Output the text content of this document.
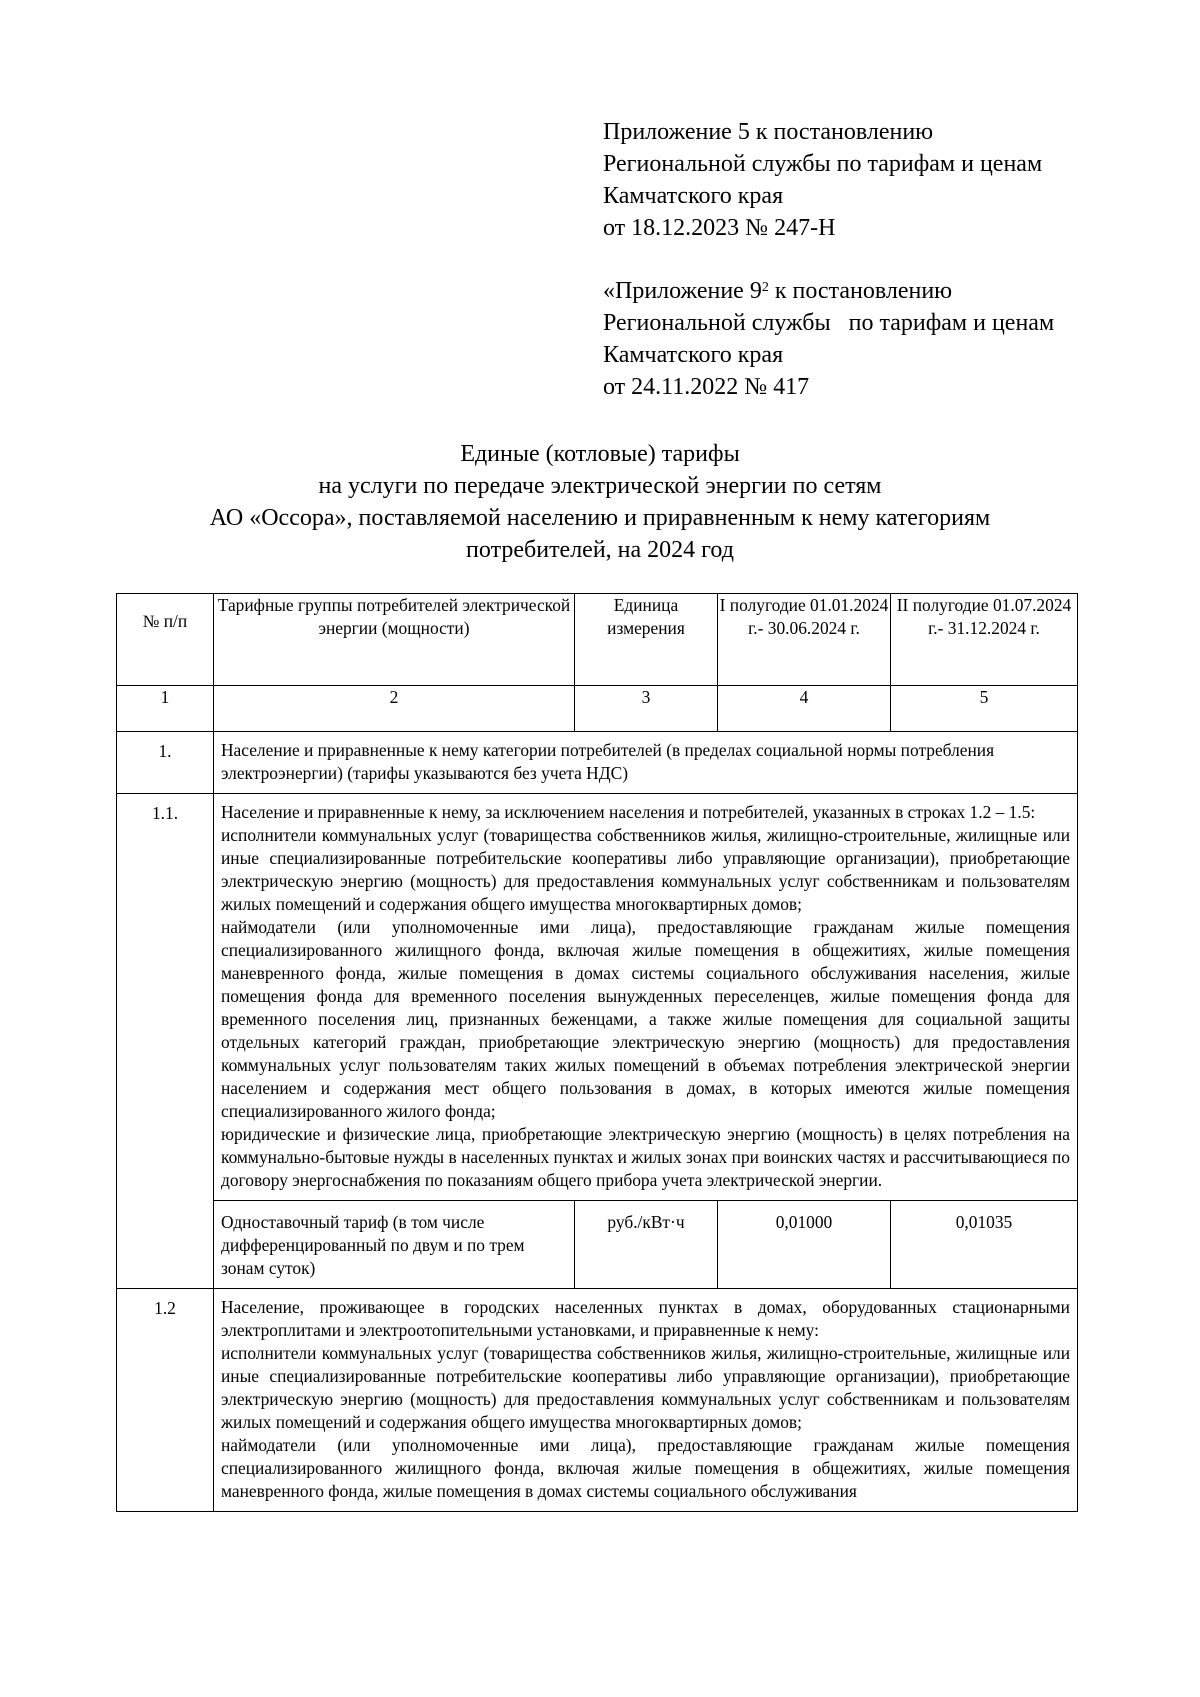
Приложение 5 к постановлению
Региональной службы по тарифам и ценам
Камчатского края
от 18.12.2023 № 247-Н
«Приложение $9^2$ к постановлению
Региональной службы   по тарифам и ценам
Камчатского края
от 24.11.2022 № 417
Единые (котловые) тарифы
на услуги по передаче электрической энергии по сетям
АО «Оссора», поставляемой населению и приравненным к нему категориям
потребителей, на 2024 год
№ п/п	Тарифные группы потребителей электрической энергии (мощности)	Единица измерения	I полугодие 01.01.2024 г.- 30.06.2024 г.	II полугодие 01.07.2024 г.- 31.12.2024 г.
1	2	3	4	5
1.	Население и приравненные к нему категории потребителей (в пределах социальной нормы потребления электроэнергии) (тарифы указываются без учета НДС)			
1.1.	Население и приравненные к нему, за исключением населения и потребителей, указанных в строках 1.2 – 1.5:
исполнители коммунальных услуг (товарищества собственников жилья, жилищно-строительные, жилищные или иные специализированные потребительские кооперативы либо управляющие организации), приобретающие электрическую энергию (мощность) для предоставления коммунальных услуг собственникам и пользователям жилых помещений и содержания общего имущества многоквартирных домов;
наймодатели (или уполномоченные ими лица), предоставляющие гражданам жилые помещения специализированного жилищного фонда, включая жилые помещения в общежитиях, жилые помещения маневренного фонда, жилые помещения в домах системы социального обслуживания населения, жилые помещения фонда для временного поселения вынужденных переселенцев, жилые помещения фонда для временного поселения лиц, признанных беженцами, а также жилые помещения для социальной защиты отдельных категорий граждан, приобретающие электрическую энергию (мощность) для предоставления коммунальных услуг пользователям таких жилых помещений в объемах потребления электрической энергии населением и содержания мест общего пользования в домах, в которых имеются жилые помещения специализированного жилого фонда;
юридические и физические лица, приобретающие электрическую энергию (мощность) в целях потребления на коммунально-бытовые нужды в населенных пунктах и жилых зонах при воинских частях и рассчитывающиеся по договору энергоснабжения по показаниям общего прибора учета электрической энергии.			

	Одноставочный тариф (в том числе дифференцированный по двум и по трем зонам суток)	руб./кВт·ч	0,01000	0,01035
1.2	Население, проживающее в городских населенных пунктах в домах, оборудованных стационарными электроплитами и электроотопительными установками, и приравненные к нему:
исполнители коммунальных услуг (товарищества собственников жилья, жилищно-строительные, жилищные или иные специализированные потребительские кооперативы либо управляющие организации), приобретающие электрическую энергию (мощность) для предоставления коммунальных услуг собственникам и пользователям жилых помещений и содержания общего имущества многоквартирных домов;
наймодатели (или уполномоченные ими лица), предоставляющие гражданам жилые помещения специализированного жилищного фонда, включая жилые помещения в общежитиях, жилые помещения маневренного фонда, жилые помещения в домах системы социального обслуживания			
